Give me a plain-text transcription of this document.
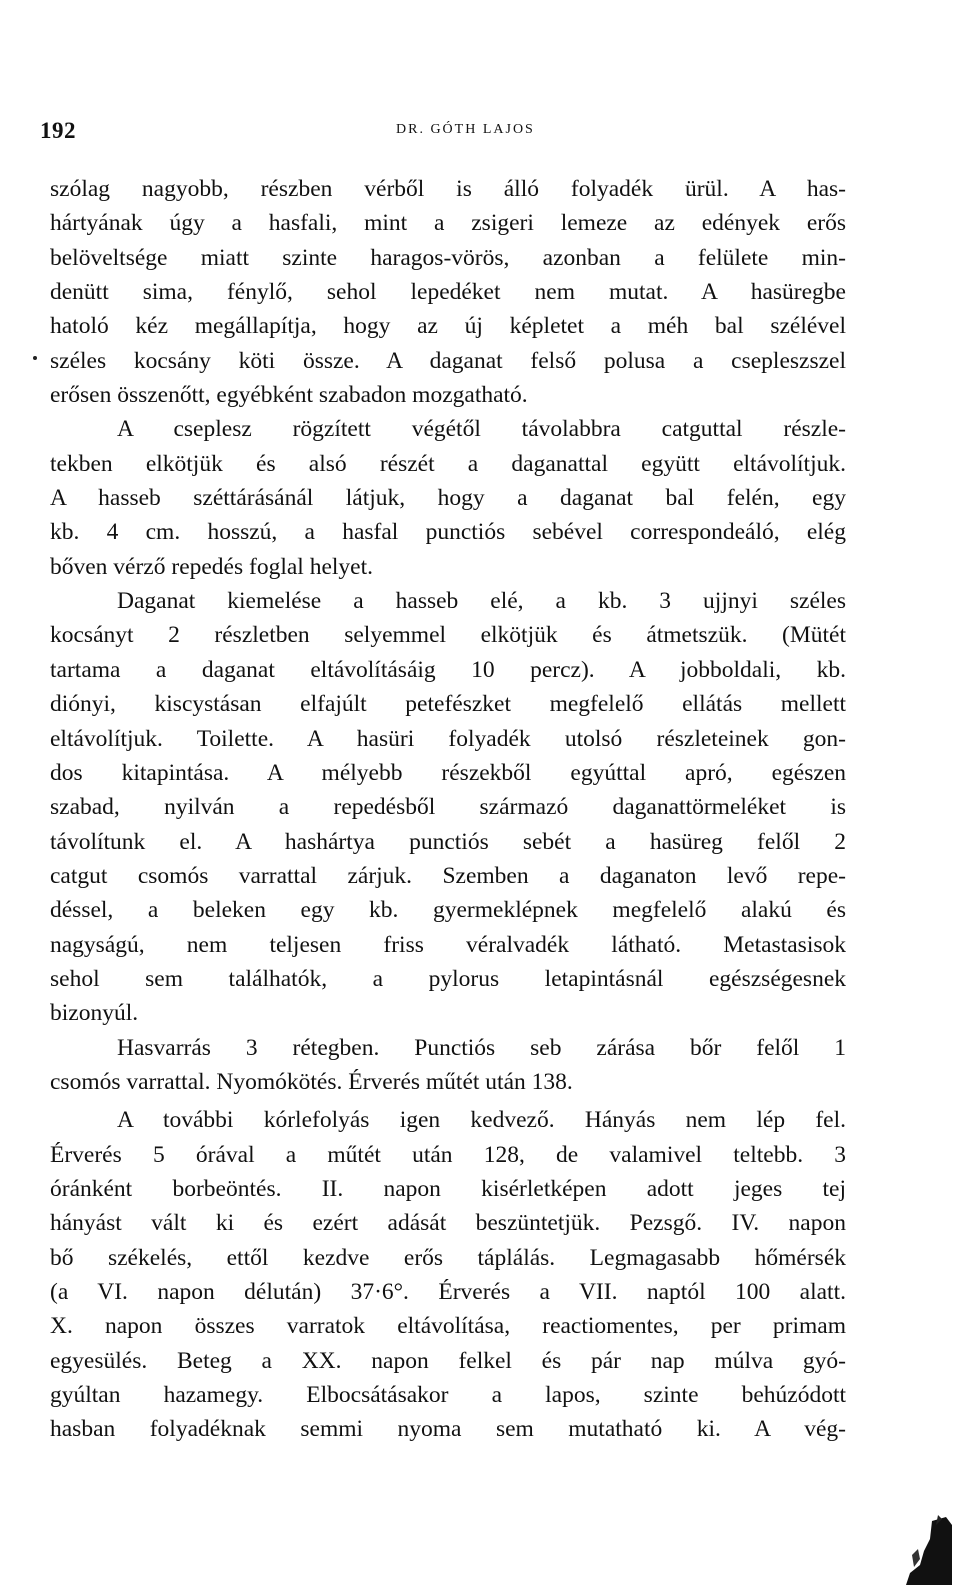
192	DR. GÓTH LAJOS
szólag nagyobb, részben vérből is álló folyadék ürül. A has-
hártyának úgy a hasfali, mint a zsigeri lemeze az edények erős
belöveltsége miatt szinte haragos-vörös, azonban a felülete min-
denütt sima, fénylő, sehol lepedéket nem mutat. A hasüregbe
hatoló kéz megállapítja, hogy az új képletet a méh bal szélével
széles kocsány köti össze. A daganat felső polusa a csepleszszel
erősen összenőtt, egyébként szabadon mozgatható.
A cseplesz rögzített végétől távolabbra catguttal részle-
tekben elkötjük és alsó részét a daganattal együtt eltávolítjuk.
A hasseb széttárásánál látjuk, hogy a daganat bal felén, egy
kb. 4 cm. hosszú, a hasfal punctiós sebével correspondeáló, elég
bőven vérző repedés foglal helyet.
Daganat kiemelése a hasseb elé, a kb. 3 ujjnyi széles
kocsányt 2 részletben selyemmel elkötjük és átmetszük. (Mütét
tartama a daganat eltávolításáig 10 percz). A jobboldali, kb.
diónyi, kiscystásan elfajúlt petefészket megfelelő ellátás mellett
eltávolítjuk. Toilette. A hasüri folyadék utolsó részleteinek gon-
dos kitapintása. A mélyebb részekből egyúttal apró, egészen
szabad, nyilván a repedésből származó daganattörmeléket is
távolítunk el. A hashártya punctiós sebét a hasüreg felől 2
catgut csomós varrattal zárjuk. Szemben a daganaton levő repe-
déssel, a beleken egy kb. gyermeklépnek megfelelő alakú és
nagyságú, nem teljesen friss véralvadék látható. Metastasisok
sehol sem találhatók, a pylorus letapintásnál egészségesnek
bizonyúl.
Hasvarrás 3 rétegben. Punctiós seb zárása bőr felől 1
csomós varrattal. Nyomókötés. Érverés műtét után 138.
A további kórlefolyás igen kedvező. Hányás nem lép fel.
Érverés 5 órával a műtét után 128, de valamivel teltebb. 3
óránként borbeöntés. II. napon kisérletképen adott jeges tej
hányást vált ki és ezért adását beszüntetjük. Pezsgő. IV. napon
bő székelés, ettől kezdve erős táplálás. Legmagasabb hőmérsék
(a VI. napon délután) 37·6°. Érverés a VII. naptól 100 alatt.
X. napon összes varratok eltávolítása, reactiomentes, per primam
egyesülés. Beteg a XX. napon felkel és pár nap múlva gyó-
gyúltan hazamegy. Elbocsátásakor a lapos, szinte behúzódott
hasban folyadéknak semmi nyoma sem mutatható ki. A vég-
